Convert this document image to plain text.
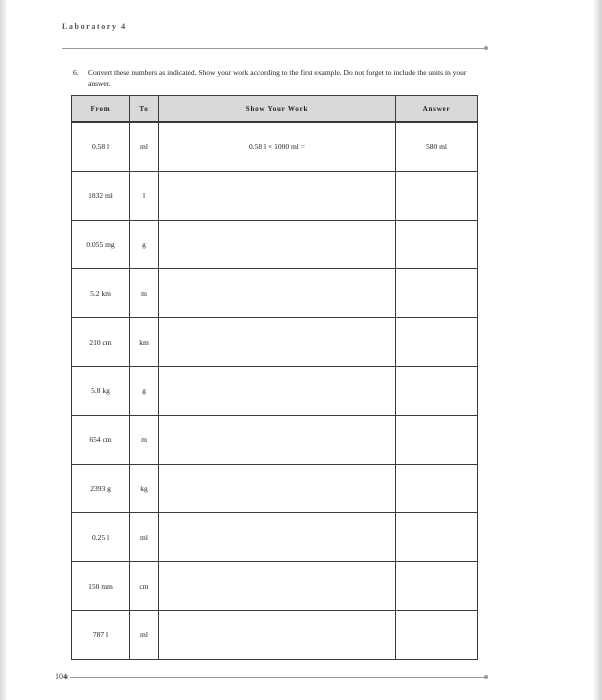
Laboratory 4
6. Convert these numbers as indicated. Show your work according to the first example. Do not forget to include the units in your answer.
From	To	Show Your Work	Answer
0.58 l	ml	0.58 l × 1000 ml =	580 ml
1832 ml	l		
0.055 mg	g		
5.2 km	m		
210 cm	km		
5.8 kg	g		
654 cm	m		
2393 g	kg		
0.25 l	ml		
150 mm	cm		
787 l	ml		
104
